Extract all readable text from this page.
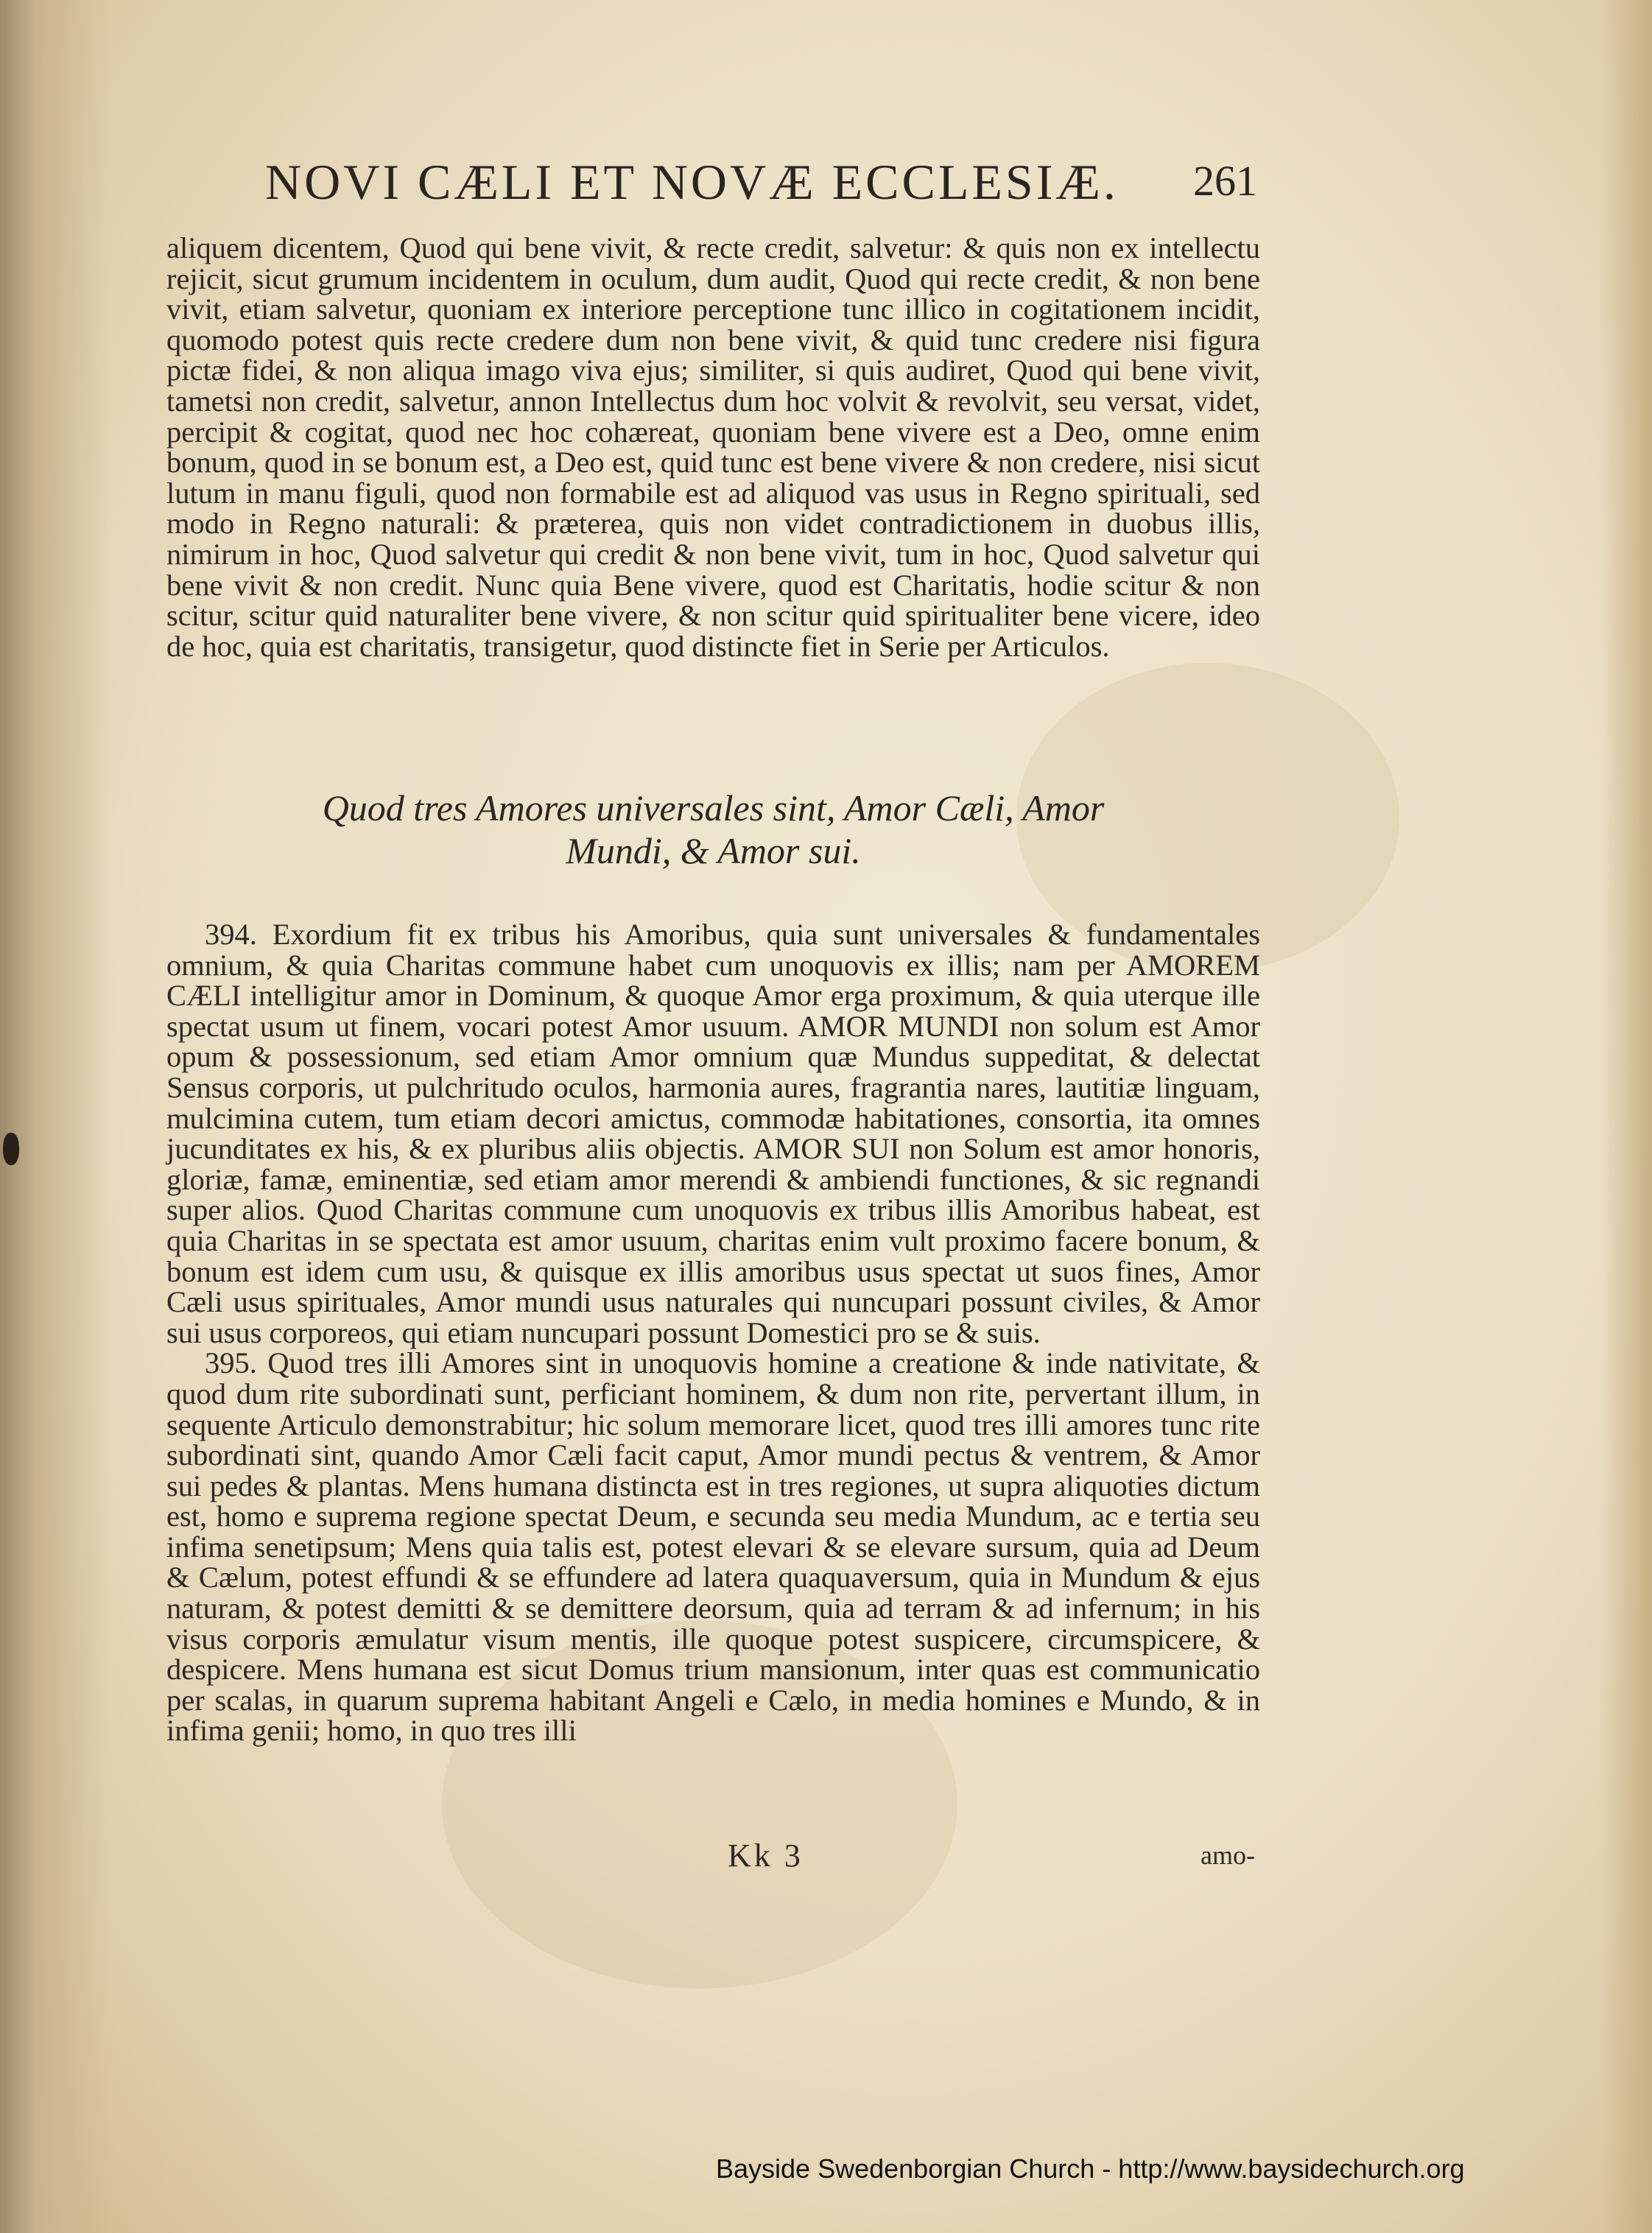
NOVI CÆLI ET NOVÆ ECCLESIÆ.	261

aliquem dicentem, Quod qui bene vivit, & recte credit, salvetur: & quis non ex intellectu rejicit, sicut grumum incidentem in oculum, dum audit, Quod qui recte credit, & non bene vivit, etiam salvetur, quoniam ex interiore perceptione tunc illico in cogitationem incidit, quomodo potest quis recte credere dum non bene vivit, & quid tunc credere nisi figura pictæ fidei, & non aliqua imago viva ejus; similiter, si quis audiret, Quod qui bene vivit, tametsi non credit, salvetur, annon Intellectus dum hoc volvit & revolvit, seu versat, videt, percipit & cogitat, quod nec hoc cohæreat, quoniam bene vivere est a Deo, omne enim bonum, quod in se bonum est, a Deo est, quid tunc est bene vivere & non credere, nisi sicut lutum in manu figuli, quod non formabile est ad aliquod vas usus in Regno spirituali, sed modo in Regno naturali: & præterea, quis non videt contradictionem in duobus illis, nimirum in hoc, Quod salvetur qui credit & non bene vivit, tum in hoc, Quod salvetur qui bene vivit & non credit. Nunc quia Bene vivere, quod est Charitatis, hodie scitur & non scitur, scitur quid naturaliter bene vivere, & non scitur quid spiritualiter bene vicere, ideo de hoc, quia est charitatis, transigetur, quod distincte fiet in Serie per Articulos.

Quod tres Amores universales sint, Amor Cæli, Amor
Mundi, & Amor sui.

394. Exordium fit ex tribus his Amoribus, quia sunt universales & fundamentales omnium, & quia Charitas commune habet cum unoquovis ex illis; nam per AMOREM CÆLI intelligitur amor in Dominum, & quoque Amor erga proximum, & quia uterque ille spectat usum ut finem, vocari potest Amor usuum. AMOR MUNDI non solum est Amor opum & possessionum, sed etiam Amor omnium quæ Mundus suppeditat, & delectat Sensus corporis, ut pulchritudo oculos, harmonia aures, fragrantia nares, lautitiæ linguam, mulcimina cutem, tum etiam decori amictus, commodæ habitationes, consortia, ita omnes jucunditates ex his, & ex pluribus aliis objectis. AMOR SUI non Solum est amor honoris, gloriæ, famæ, eminentiæ, sed etiam amor merendi & ambiendi functiones, & sic regnandi super alios. Quod Charitas commune cum unoquovis ex tribus illis Amoribus habeat, est quia Charitas in se spectata est amor usuum, charitas enim vult proximo facere bonum, & bonum est idem cum usu, & quisque ex illis amoribus usus spectat ut suos fines, Amor Cæli usus spirituales, Amor mundi usus naturales qui nuncupari possunt civiles, & Amor sui usus corporeos, qui etiam nuncupari possunt Domestici pro se & suis.

395. Quod tres illi Amores sint in unoquovis homine a creatione & inde nativitate, & quod dum rite subordinati sunt, perficiant hominem, & dum non rite, pervertant illum, in sequente Articulo demonstrabitur; hic solum memorare licet, quod tres illi amores tunc rite subordinati sint, quando Amor Cæli facit caput, Amor mundi pectus & ventrem, & Amor sui pedes & plantas. Mens humana distincta est in tres regiones, ut supra aliquoties dictum est, homo e suprema regione spectat Deum, e secunda seu media Mundum, ac e tertia seu infima senetipsum; Mens quia talis est, potest elevari & se elevare sursum, quia ad Deum & Cælum, potest effundi & se effundere ad latera quaquaversum, quia in Mundum & ejus naturam, & potest demitti & se demittere deorsum, quia ad terram & ad infernum; in his visus corporis æmulatur visum mentis, ille quoque potest suspicere, circumspicere, & despicere. Mens humana est sicut Domus trium mansionum, inter quas est communicatio per scalas, in quarum suprema habitant Angeli e Cælo, in media homines e Mundo, & in infima genii; homo, in quo tres illi

Kk 3	amo-
Bayside Swedenborgian Church - http://www.baysidechurch.org
